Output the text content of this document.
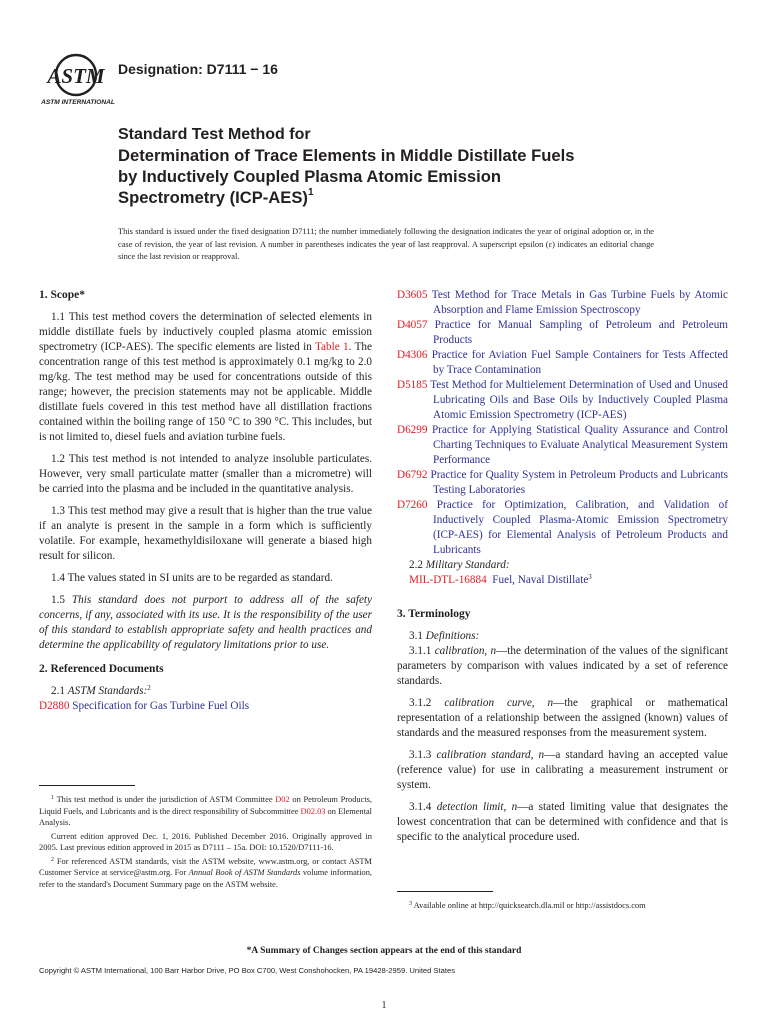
ASTM
ASTM INTERNATIONAL
Designation: D7111 − 16
Standard Test Method for
Determination of Trace Elements in Middle Distillate Fuels
by Inductively Coupled Plasma Atomic Emission
Spectrometry $(ICP-AES)^1$
This standard is issued under the fixed designation D7111; the number immediately following the designation indicates the year of original adoption or, in the case of revision, the year of last revision. A number in parentheses indicates the year of last reapproval. A superscript epsilon (ε) indicates an editorial change since the last revision or reapproval.
1. Scope*

1.1 This test method covers the determination of selected elements in middle distillate fuels by inductively coupled plasma atomic emission spectrometry (ICP-AES). The specific elements are listed in Table 1. The concentration range of this test method is approximately 0.1 mg/kg to 2.0 mg/kg. The test method may be used for concentrations outside of this range; however, the precision statements may not be applicable. Middle distillate fuels covered in this test method have all distillation fractions contained within the boiling range of 150 °C to 390 °C. This includes, but is not limited to, diesel fuels and aviation turbine fuels.

1.2 This test method is not intended to analyze insoluble particulates. However, very small particulate matter (smaller than a micrometre) will be carried into the plasma and be included in the quantitative analysis.

1.3 This test method may give a result that is higher than the true value if an analyte is present in the sample in a form which is sufficiently volatile. For example, hexamethyldisiloxane will generate a biased high result for silicon.

1.4 The values stated in SI units are to be regarded as standard.

1.5 This standard does not purport to address all of the safety concerns, if any, associated with its use. It is the responsibility of the user of this standard to establish appropriate safety and health practices and determine the applicability of regulatory limitations prior to use.

2. Referenced Documents

2.1 ASTM Standards:$^2$

D2880 Specification for Gas Turbine Fuel Oils

D3605 Test Method for Trace Metals in Gas Turbine Fuels by Atomic Absorption and Flame Emission Spectroscopy

D4057 Practice for Manual Sampling of Petroleum and Petroleum Products

D4306 Practice for Aviation Fuel Sample Containers for Tests Affected by Trace Contamination

D5185 Test Method for Multielement Determination of Used and Unused Lubricating Oils and Base Oils by Inductively Coupled Plasma Atomic Emission Spectrometry (ICP-AES)

D6299 Practice for Applying Statistical Quality Assurance and Control Charting Techniques to Evaluate Analytical Measurement System Performance

D6792 Practice for Quality System in Petroleum Products and Lubricants Testing Laboratories

D7260 Practice for Optimization, Calibration, and Validation of Inductively Coupled Plasma-Atomic Emission Spectrometry (ICP-AES) for Elemental Analysis of Petroleum Products and Lubricants

2.2 Military Standard:

MIL-DTL-16884 Fuel, Naval Distillate$^3$

3. Terminology

3.1 Definitions:

3.1.1 calibration, n—the determination of the values of the significant parameters by comparison with values indicated by a set of reference standards.

3.1.2 calibration curve, n—the graphical or mathematical representation of a relationship between the assigned (known) values of standards and the measured responses from the measurement system.

3.1.3 calibration standard, n—a standard having an accepted value (reference value) for use in calibrating a measurement instrument or system.

3.1.4 detection limit, n—a stated limiting value that designates the lowest concentration that can be determined with confidence and that is specific to the analytical procedure used.

$^1$ This test method is under the jurisdiction of ASTM Committee D02 on Petroleum Products, Liquid Fuels, and Lubricants and is the direct responsibility of Subcommittee D02.03 on Elemental Analysis.

Current edition approved Dec. 1, 2016. Published December 2016. Originally approved in 2005. Last previous edition approved in 2015 as D7111 – 15a. DOI: 10.1520/D7111-16.

$^2$ For referenced ASTM standards, visit the ASTM website, www.astm.org, or contact ASTM Customer Service at service@astm.org. For Annual Book of ASTM Standards volume information, refer to the standard's Document Summary page on the ASTM website.

$^3$ Available online at http://quicksearch.dla.mil or http://assistdocs.com
*A Summary of Changes section appears at the end of this standard
Copyright © ASTM International, 100 Barr Harbor Drive, PO Box C700, West Conshohocken, PA 19428-2959. United States
1
